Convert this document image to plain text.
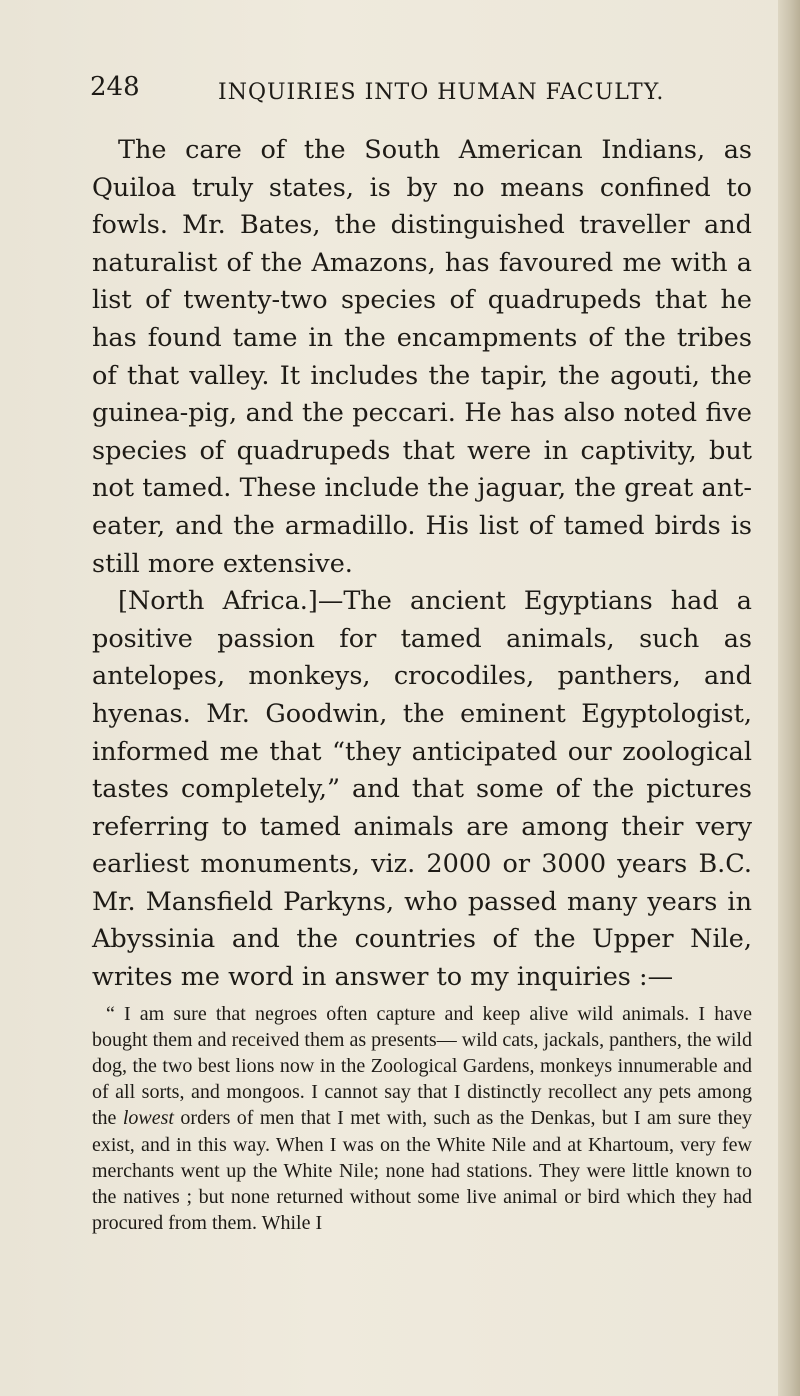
248	INQUIRIES INTO HUMAN FACULTY.

The care of the South American Indians, as Quiloa truly states, is by no means confined to fowls. Mr. Bates, the distinguished traveller and naturalist of the Amazons, has favoured me with a list of twenty-two species of quadrupeds that he has found tame in the encampments of the tribes of that valley. It includes the tapir, the agouti, the guinea-pig, and the peccari. He has also noted five species of quadrupeds that were in captivity, but not tamed. These include the jaguar, the great ant-eater, and the armadillo. His list of tamed birds is still more extensive.

[North Africa.]—The ancient Egyptians had a positive passion for tamed animals, such as antelopes, monkeys, crocodiles, panthers, and hyenas. Mr. Goodwin, the eminent Egyptologist, informed me that “they anticipated our zoological tastes completely,” and that some of the pictures referring to tamed animals are among their very earliest monuments, viz. 2000 or 3000 years B.C. Mr. Mansfield Parkyns, who passed many years in Abyssinia and the countries of the Upper Nile, writes me word in answer to my inquiries :—

“ I am sure that negroes often capture and keep alive wild animals. I have bought them and received them as presents— wild cats, jackals, panthers, the wild dog, the two best lions now in the Zoological Gardens, monkeys innumerable and of all sorts, and mongoos. I cannot say that I distinctly recollect any pets among the lowest orders of men that I met with, such as the Denkas, but I am sure they exist, and in this way. When I was on the White Nile and at Khartoum, very few merchants went up the White Nile; none had stations. They were little known to the natives ; but none returned without some live animal or bird which they had procured from them. While I
